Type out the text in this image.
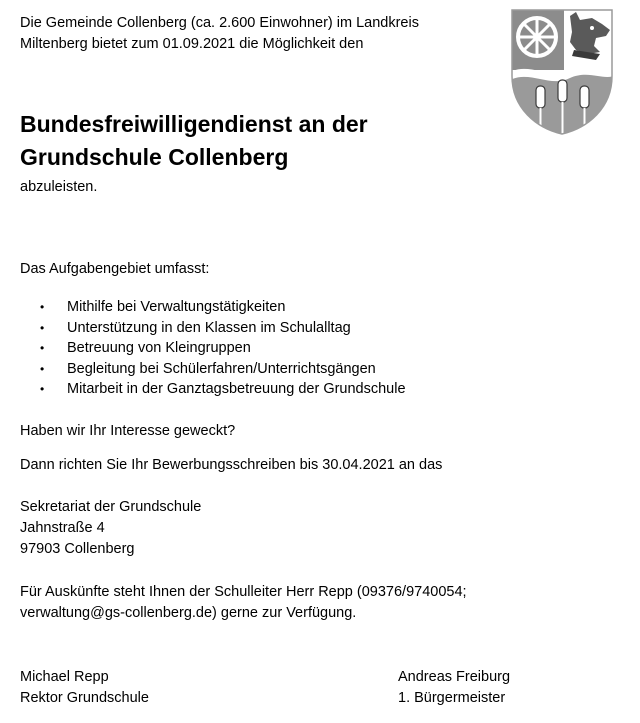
Die Gemeinde Collenberg (ca. 2.600 Einwohner) im Landkreis
Miltenberg bietet zum 01.09.2021 die Möglichkeit den
Bundesfreiwilligendienst an der
Grundschule Collenberg
abzuleisten.
Das Aufgabengebiet umfasst:
• Mithilfe bei Verwaltungstätigkeiten
• Unterstützung in den Klassen im Schulalltag
• Betreuung von Kleingruppen
• Begleitung bei Schülerfahren/Unterrichtsgängen
• Mitarbeit in der Ganztagsbetreuung der Grundschule
Haben wir Ihr Interesse geweckt?
Dann richten Sie Ihr Bewerbungsschreiben bis 30.04.2021 an das
Sekretariat der Grundschule
Jahnstraße 4
97903 Collenberg
Für Auskünfte steht Ihnen der Schulleiter Herr Repp (09376/9740054;
verwaltung@gs-collenberg.de) gerne zur Verfügung.
Michael Repp
Rektor Grundschule
Andreas Freiburg
1. Bürgermeister
